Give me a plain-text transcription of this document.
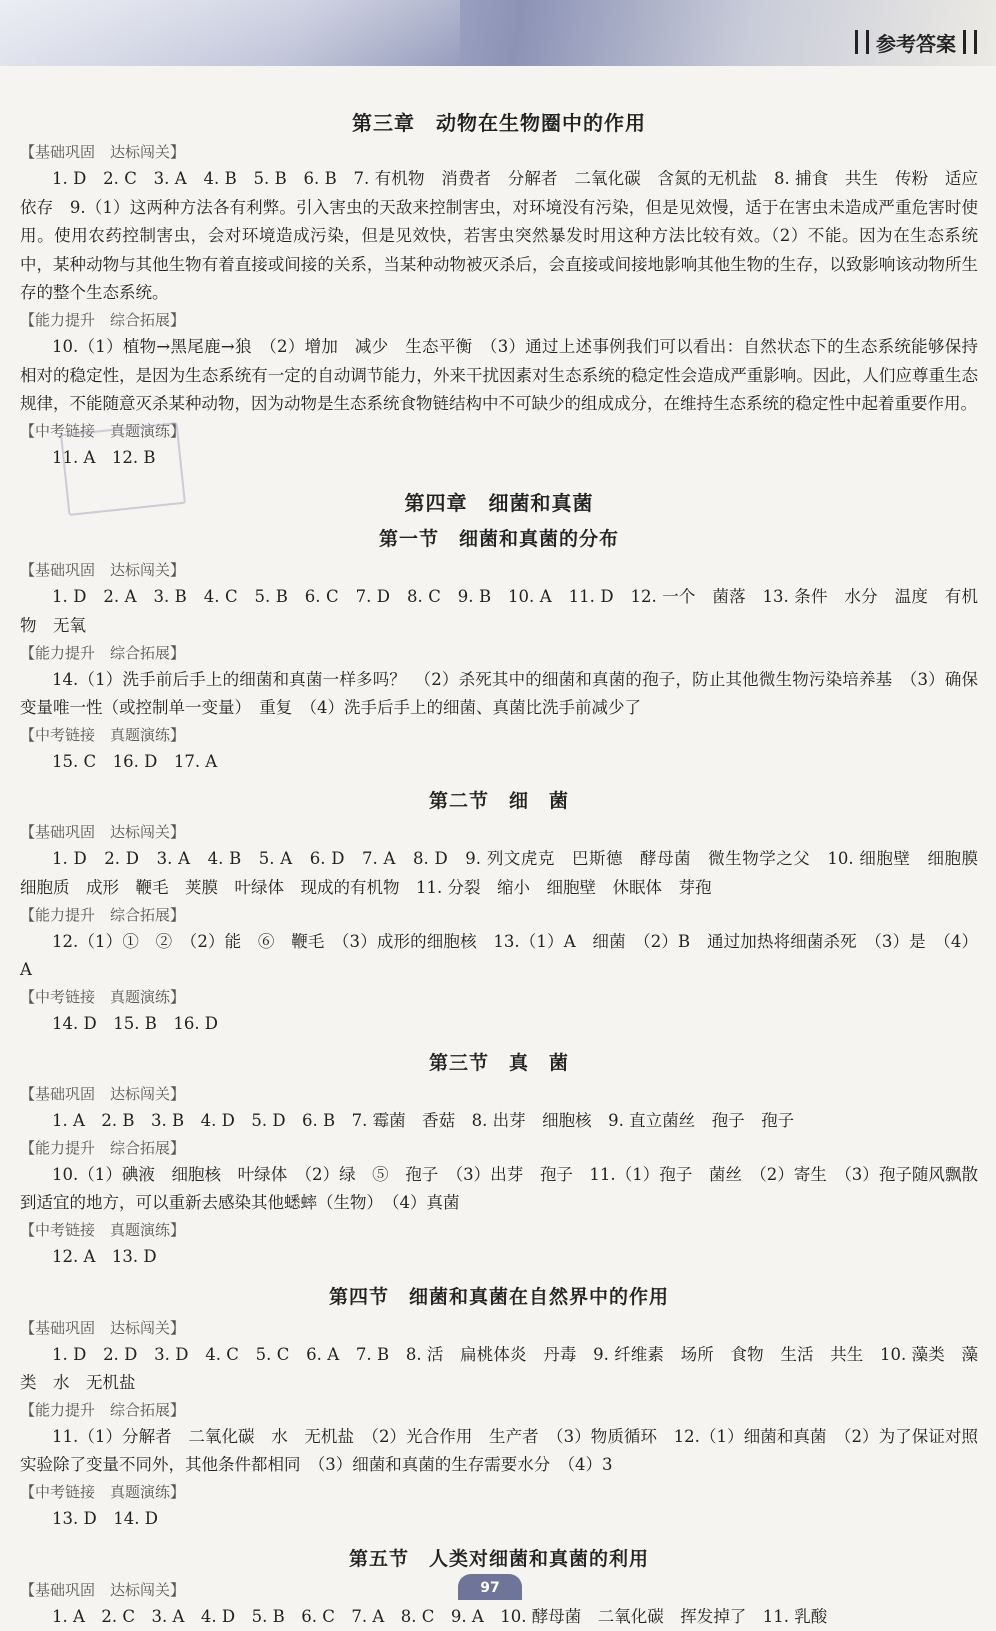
参考答案
第三章　动物在生物圈中的作用
【基础巩固　达标闯关】

1. D　2. C　3. A　4. B　5. B　6. B　7. 有机物　消费者　分解者　二氧化碳　含氮的无机盐　8. 捕食　共生　传粉　适应　依存　9.（1）这两种方法各有利弊。引入害虫的天敌来控制害虫，对环境没有污染，但是见效慢，适于在害虫未造成严重危害时使用。使用农药控制害虫，会对环境造成污染，但是见效快，若害虫突然暴发时用这种方法比较有效。（2）不能。因为在生态系统中，某种动物与其他生物有着直接或间接的关系，当某种动物被灭杀后，会直接或间接地影响其他生物的生存，以致影响该动物所生存的整个生态系统。

【能力提升　综合拓展】

10.（1）植物→黑尾鹿→狼　（2）增加　减少　生态平衡　（3）通过上述事例我们可以看出：自然状态下的生态系统能够保持相对的稳定性，是因为生态系统有一定的自动调节能力，外来干扰因素对生态系统的稳定性会造成严重影响。因此，人们应尊重生态规律，不能随意灭杀某种动物，因为动物是生态系统食物链结构中不可缺少的组成成分，在维持生态系统的稳定性中起着重要作用。

【中考链接　真题演练】

11. A　12. B

第四章　细菌和真菌
第一节　细菌和真菌的分布
【基础巩固　达标闯关】

1. D　2. A　3. B　4. C　5. B　6. C　7. D　8. C　9. B　10. A　11. D　12. 一个　菌落　13. 条件　水分　温度　有机物　无氧

【能力提升　综合拓展】

14.（1）洗手前后手上的细菌和真菌一样多吗？　（2）杀死其中的细菌和真菌的孢子，防止其他微生物污染培养基　（3）确保变量唯一性（或控制单一变量）　重复　（4）洗手后手上的细菌、真菌比洗手前减少了

【中考链接　真题演练】

15. C　16. D　17. A

第二节　细　菌
【基础巩固　达标闯关】

1. D　2. D　3. A　4. B　5. A　6. D　7. A　8. D　9. 列文虎克　巴斯德　酵母菌　微生物学之父　10. 细胞壁　细胞膜　细胞质　成形　鞭毛　荚膜　叶绿体　现成的有机物　11. 分裂　缩小　细胞壁　休眠体　芽孢

【能力提升　综合拓展】

12.（1）①　②　（2）能　⑥　鞭毛　（3）成形的细胞核　13.（1）A　细菌　（2）B　通过加热将细菌杀死　（3）是　（4）A

【中考链接　真题演练】

14. D　15. B　16. D

第三节　真　菌
【基础巩固　达标闯关】

1. A　2. B　3. B　4. D　5. D　6. B　7. 霉菌　香菇　8. 出芽　细胞核　9. 直立菌丝　孢子　孢子

【能力提升　综合拓展】

10.（1）碘液　细胞核　叶绿体　（2）绿　⑤　孢子　（3）出芽　孢子　11.（1）孢子　菌丝　（2）寄生　（3）孢子随风飘散到适宜的地方，可以重新去感染其他蟋蟀（生物）　（4）真菌

【中考链接　真题演练】

12. A　13. D

第四节　细菌和真菌在自然界中的作用
【基础巩固　达标闯关】

1. D　2. D　3. D　4. C　5. C　6. A　7. B　8. 活　扁桃体炎　丹毒　9. 纤维素　场所　食物　生活　共生　10. 藻类　藻类　水　无机盐

【能力提升　综合拓展】

11.（1）分解者　二氧化碳　水　无机盐　（2）光合作用　生产者　（3）物质循环　12.（1）细菌和真菌　（2）为了保证对照实验除了变量不同外，其他条件都相同　（3）细菌和真菌的生存需要水分　（4）3

【中考链接　真题演练】

13. D　14. D

第五节　人类对细菌和真菌的利用
【基础巩固　达标闯关】

1. A　2. C　3. A　4. D　5. B　6. C　7. A　8. C　9. A　10. 酵母菌　二氧化碳　挥发掉了　11. 乳酸

97
